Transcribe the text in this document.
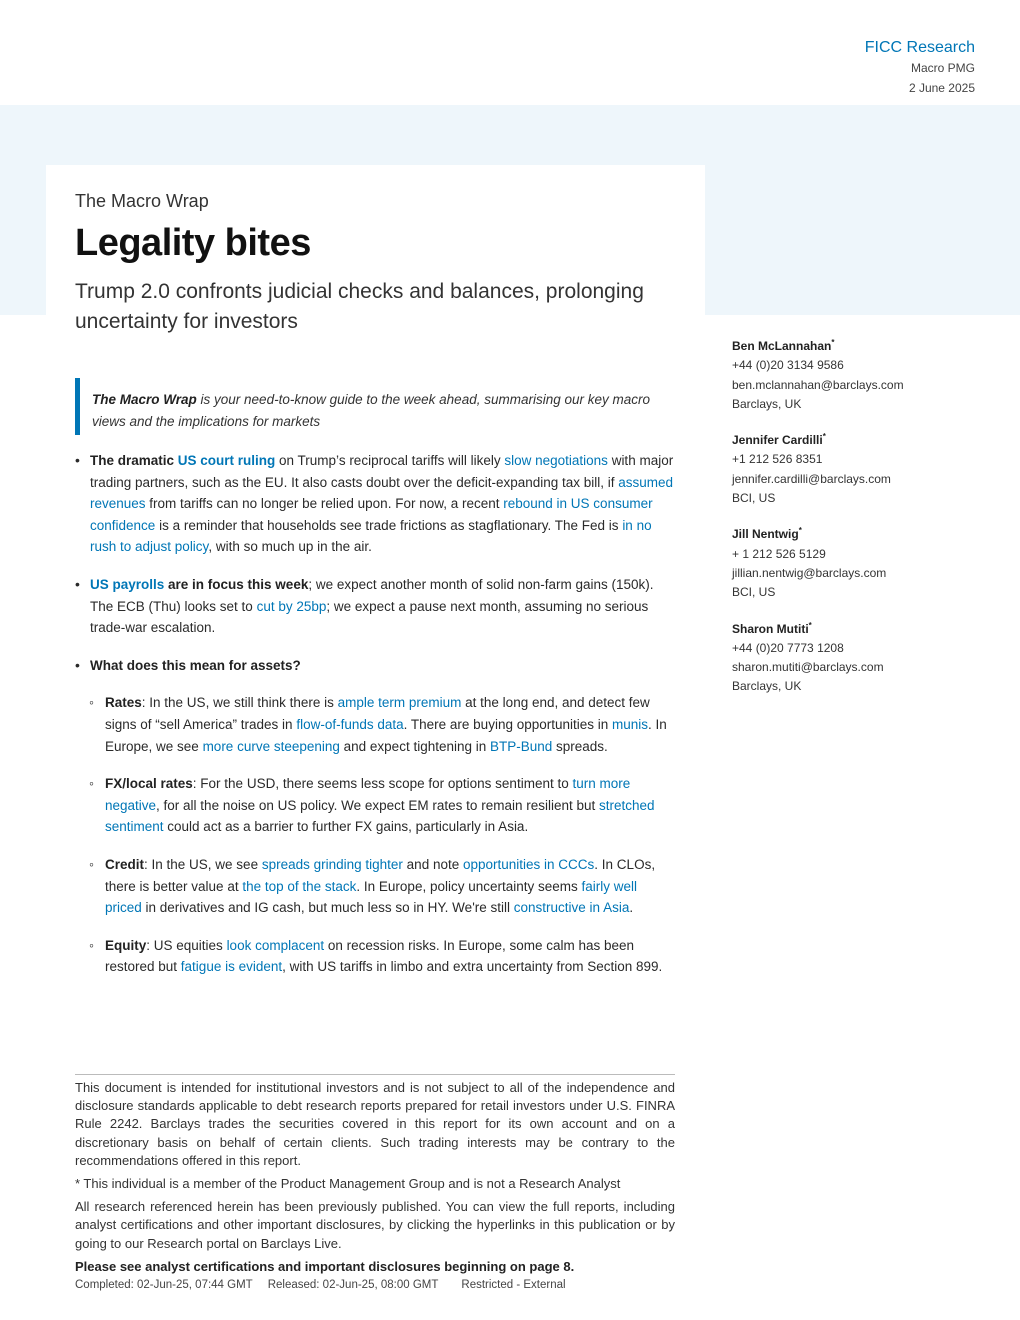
FICC Research
Macro PMG
2 June 2025
The Macro Wrap
Legality bites
Trump 2.0 confronts judicial checks and balances, prolonging uncertainty for investors
Ben McLannahan*
+44 (0)20 3134 9586
ben.mclannahan@barclays.com
Barclays, UK
Jennifer Cardilli*
+1 212 526 8351
jennifer.cardilli@barclays.com
BCI, US
Jill Nentwig*
+ 1 212 526 5129
jillian.nentwig@barclays.com
BCI, US
Sharon Mutiti*
+44 (0)20 7773 1208
sharon.mutiti@barclays.com
Barclays, UK
The Macro Wrap is your need-to-know guide to the week ahead, summarising our key macro views and the implications for markets
• The dramatic US court ruling on Trump’s reciprocal tariffs will likely slow negotiations with major trading partners, such as the EU. It also casts doubt over the deficit-expanding tax bill, if assumed revenues from tariffs can no longer be relied upon. For now, a recent rebound in US consumer confidence is a reminder that households see trade frictions as stagflationary. The Fed is in no rush to adjust policy, with so much up in the air.
• US payrolls are in focus this week; we expect another month of solid non-farm gains (150k). The ECB (Thu) looks set to cut by 25bp; we expect a pause next month, assuming no serious trade-war escalation.
• What does this mean for assets?
◦ Rates: In the US, we still think there is ample term premium at the long end, and detect few signs of “sell America” trades in flow-of-funds data. There are buying opportunities in munis. In Europe, we see more curve steepening and expect tightening in BTP-Bund spreads.
◦ FX/local rates: For the USD, there seems less scope for options sentiment to turn more negative, for all the noise on US policy. We expect EM rates to remain resilient but stretched sentiment could act as a barrier to further FX gains, particularly in Asia.
◦ Credit: In the US, we see spreads grinding tighter and note opportunities in CCCs. In CLOs, there is better value at the top of the stack. In Europe, policy uncertainty seems fairly well priced in derivatives and IG cash, but much less so in HY. We're still constructive in Asia.
◦ Equity: US equities look complacent on recession risks. In Europe, some calm has been restored but fatigue is evident, with US tariffs in limbo and extra uncertainty from Section 899.

This document is intended for institutional investors and is not subject to all of the independence and disclosure standards applicable to debt research reports prepared for retail investors under U.S. FINRA Rule 2242. Barclays trades the securities covered in this report for its own account and on a discretionary basis on behalf of certain clients. Such trading interests may be contrary to the recommendations offered in this report.

* This individual is a member of the Product Management Group and is not a Research Analyst

All research referenced herein has been previously published. You can view the full reports, including analyst certifications and other important disclosures, by clicking the hyperlinks in this publication or by going to our Research portal on Barclays Live.

Please see analyst certifications and important disclosures beginning on page 8.
Completed: 02-Jun-25, 07:44 GMT Released: 02-Jun-25, 08:00 GMT Restricted - External
